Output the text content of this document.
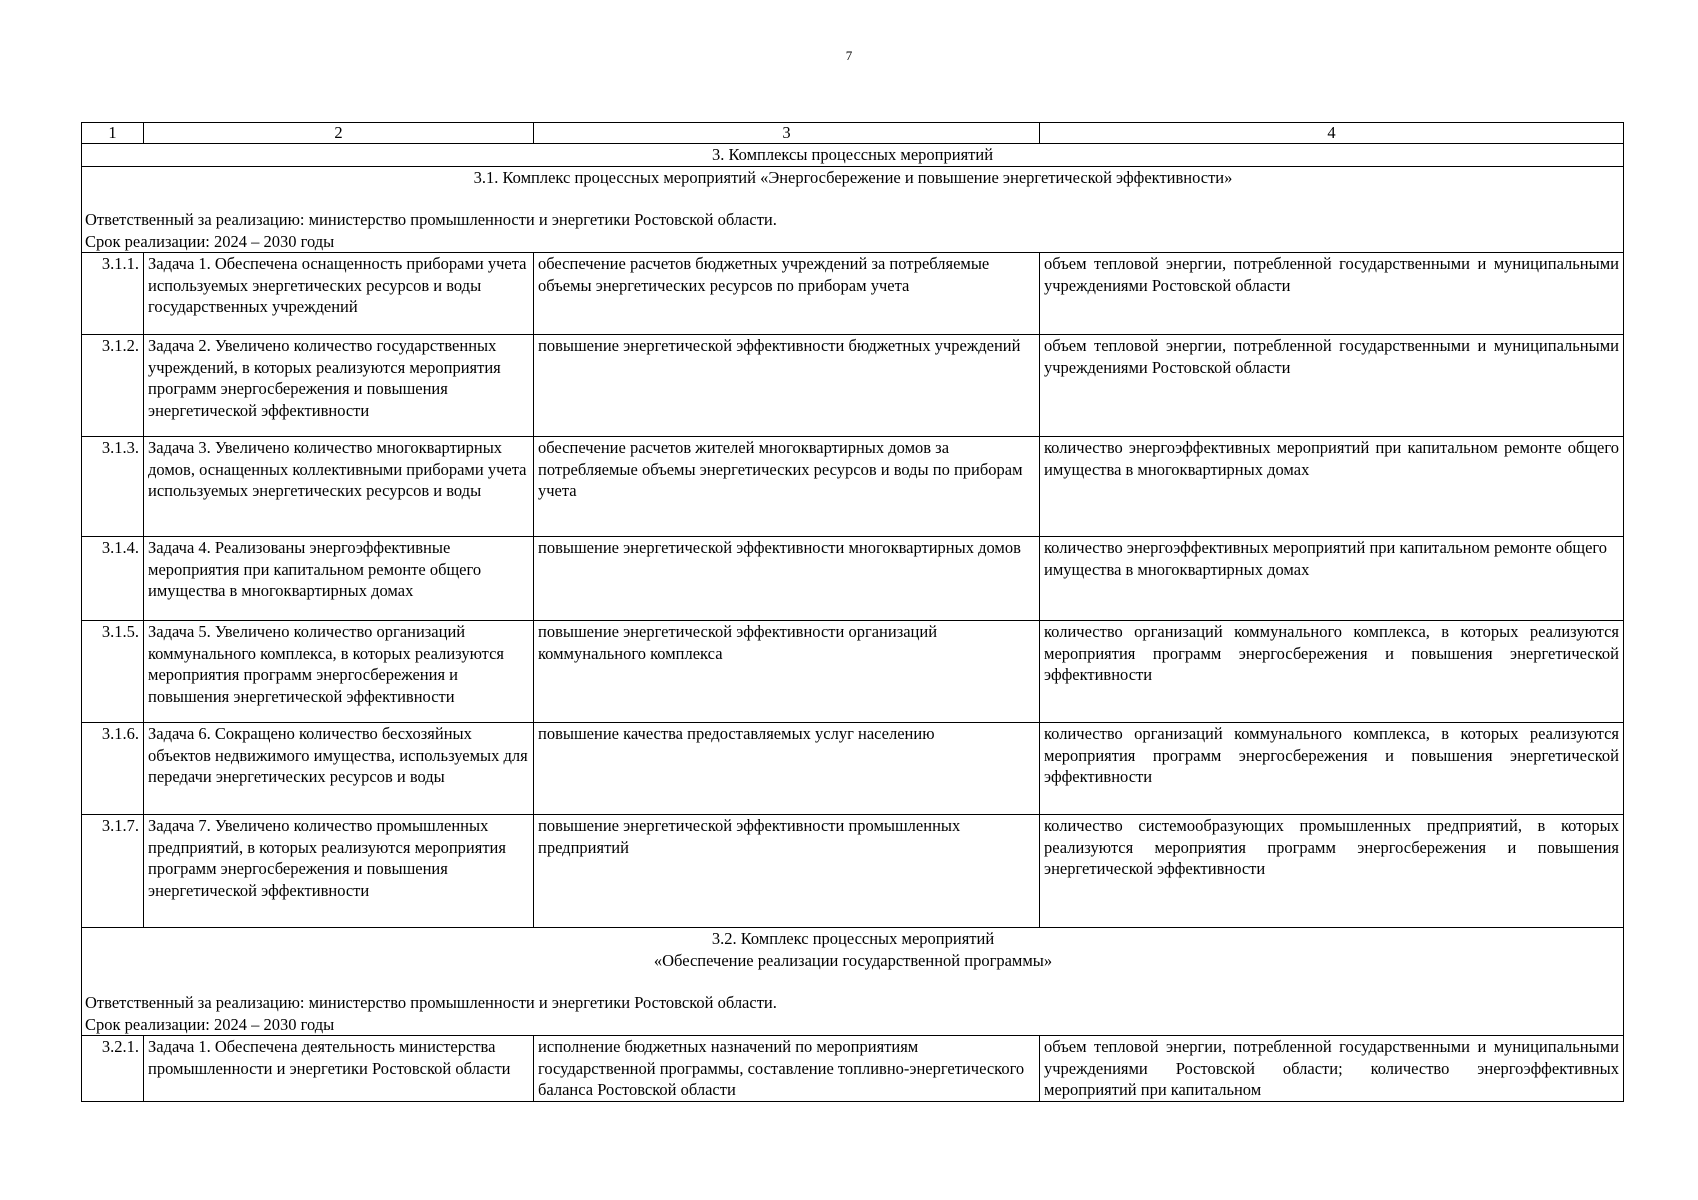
7
1	2	3	4
3. Комплексы процессных мероприятий			

3.1. Комплекс процессных мероприятий «Энергосбережение и повышение энергетической эффективности»
Ответственный за реализацию: министерство промышленности и энергетики Ростовской области.
Срок реализации: 2024 – 2030 годы			

3.1.1.	Задача 1. Обеспечена оснащенность приборами учета используемых энергетических ресурсов и воды государственных учреждений	обеспечение расчетов бюджетных учреждений за потребляемые объемы энергетических ресурсов по приборам учета	объем тепловой энергии, потребленной государственными и муниципальными учреждениями Ростовской области
3.1.2.	Задача 2. Увеличено количество государственных учреждений, в которых реализуются мероприятия программ энергосбережения и повышения энергетической эффективности	повышение энергетической эффективности бюджетных учреждений	объем тепловой энергии, потребленной государственными и муниципальными учреждениями Ростовской области
3.1.3.	Задача 3. Увеличено количество многоквартирных домов, оснащенных коллективными приборами учета используемых энергетических ресурсов и воды	обеспечение расчетов жителей многоквартирных домов за потребляемые объемы энергетических ресурсов и воды по приборам учета	количество энергоэффективных мероприятий при капитальном ремонте общего имущества в многоквартирных домах
3.1.4.	Задача 4. Реализованы энергоэффективные мероприятия при капитальном ремонте общего имущества в многоквартирных домах	повышение энергетической эффективности многоквартирных домов	количество энергоэффективных мероприятий при капитальном ремонте общего имущества в многоквартирных домах
3.1.5.	Задача 5. Увеличено количество организаций коммунального комплекса, в которых реализуются мероприятия программ энергосбережения и повышения энергетической эффективности	повышение энергетической эффективности организаций коммунального комплекса	количество организаций коммунального комплекса, в которых реализуются мероприятия программ энергосбережения и повышения энергетической эффективности
3.1.6.	Задача 6. Сокращено количество бесхозяйных объектов недвижимого имущества, используемых для передачи энергетических ресурсов и воды	повышение качества предоставляемых услуг населению	количество организаций коммунального комплекса, в которых реализуются мероприятия программ энергосбережения и повышения энергетической эффективности
3.1.7.	Задача 7. Увеличено количество промышленных предприятий, в которых реализуются мероприятия программ энергосбережения и повышения энергетической эффективности	повышение энергетической эффективности промышленных предприятий	количество системообразующих промышленных предприятий, в которых реализуются мероприятия программ энергосбережения и повышения энергетической эффективности

3.2. Комплекс процессных мероприятий
«Обеспечение реализации государственной программы»
Ответственный за реализацию: министерство промышленности и энергетики Ростовской области.
Срок реализации: 2024 – 2030 годы			

3.2.1.	Задача 1. Обеспечена деятельность министерства промышленности и энергетики Ростовской области	исполнение бюджетных назначений по мероприятиям государственной программы, составление топливно-энергетического баланса Ростовской области	объем тепловой энергии, потребленной государственными и муниципальными учреждениями Ростовской области; количество энергоэффективных мероприятий при капитальном
